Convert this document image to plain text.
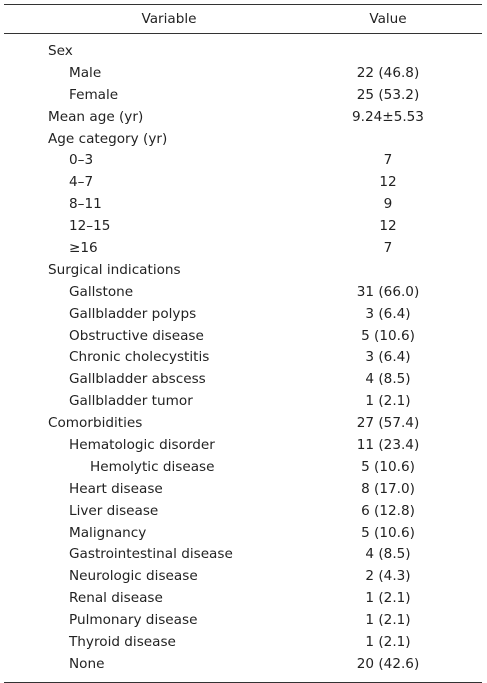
Variable	Value
Sex
Male	22 (46.8)
Female	25 (53.2)
Mean age (yr)	9.24±5.53
Age category (yr)
0–3	7
4–7	12
8–11	9
12–15	12
≥16	7
Surgical indications
Gallstone	31 (66.0)
Gallbladder polyps	3 (6.4)
Obstructive disease	5 (10.6)
Chronic cholecystitis	3 (6.4)
Gallbladder abscess	4 (8.5)
Gallbladder tumor	1 (2.1)
Comorbidities	27 (57.4)
Hematologic disorder	11 (23.4)
Hemolytic disease	5 (10.6)
Heart disease	8 (17.0)
Liver disease	6 (12.8)
Malignancy	5 (10.6)
Gastrointestinal disease	4 (8.5)
Neurologic disease	2 (4.3)
Renal disease	1 (2.1)
Pulmonary disease	1 (2.1)
Thyroid disease	1 (2.1)
None	20 (42.6)
